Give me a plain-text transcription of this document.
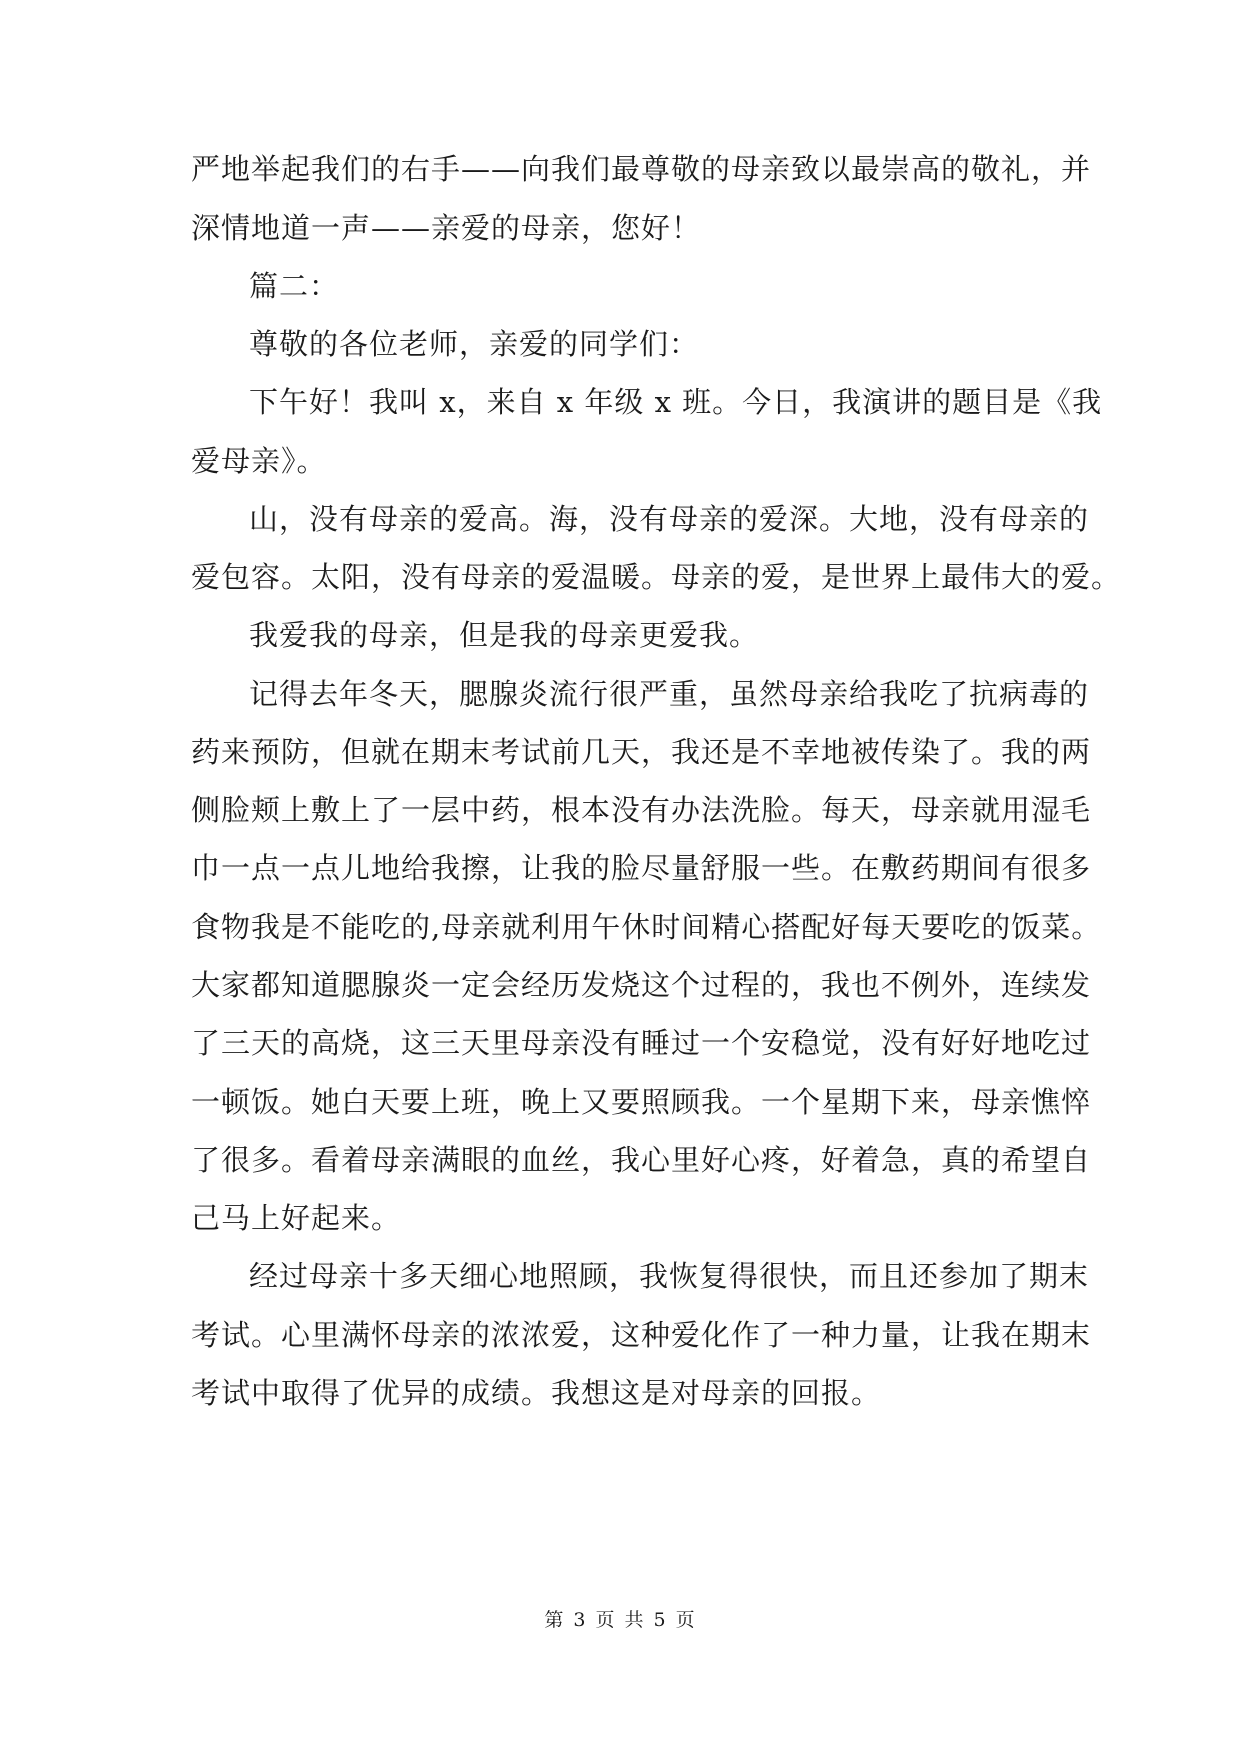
严地举起我们的右手——向我们最尊敬的母亲致以最崇高的敬礼，并
深情地道一声——亲爱的母亲，您好！
篇二：
尊敬的各位老师，亲爱的同学们：
下午好！我叫 x，来自 x 年级 x 班。今日，我演讲的题目是《我
爱母亲》。
山，没有母亲的爱高。海，没有母亲的爱深。大地，没有母亲的
爱包容。太阳，没有母亲的爱温暖。母亲的爱，是世界上最伟大的爱。
我爱我的母亲，但是我的母亲更爱我。
记得去年冬天，腮腺炎流行很严重，虽然母亲给我吃了抗病毒的
药来预防，但就在期末考试前几天，我还是不幸地被传染了。我的两
侧脸颊上敷上了一层中药，根本没有办法洗脸。每天，母亲就用湿毛
巾一点一点儿地给我擦，让我的脸尽量舒服一些。在敷药期间有很多
食物我是不能吃的,母亲就利用午休时间精心搭配好每天要吃的饭菜。
大家都知道腮腺炎一定会经历发烧这个过程的，我也不例外，连续发
了三天的高烧，这三天里母亲没有睡过一个安稳觉，没有好好地吃过
一顿饭。她白天要上班，晚上又要照顾我。一个星期下来，母亲憔悴
了很多。看着母亲满眼的血丝，我心里好心疼，好着急，真的希望自
己马上好起来。
经过母亲十多天细心地照顾，我恢复得很快，而且还参加了期末
考试。心里满怀母亲的浓浓爱，这种爱化作了一种力量，让我在期末
考试中取得了优异的成绩。我想这是对母亲的回报。
第 3 页 共 5 页
